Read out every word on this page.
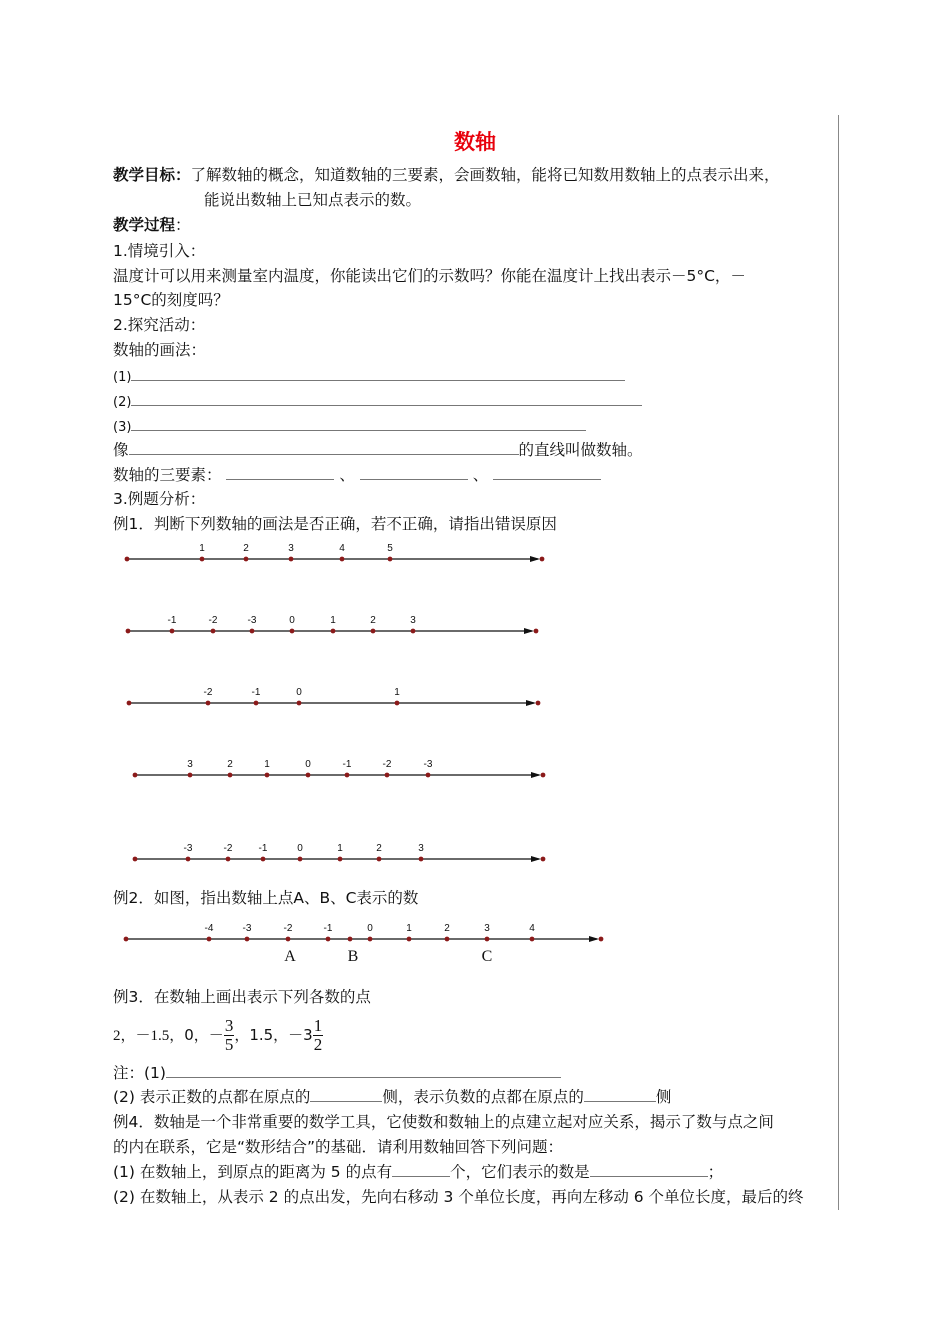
数轴
教学目标：了解数轴的概念，知道数轴的三要素，会画数轴，能将已知数用数轴上的点表示出来，
能说出数轴上已知点表示的数。
教学过程：
1.情境引入：
温度计可以用来测量室内温度，你能读出它们的示数吗？你能在温度计上找出表示－5°C，－
15°C的刻度吗？
2.探究活动：
数轴的画法：
(1)
(2)
(3)
像	的直线叫做数轴。
数轴的三要素：	、	、
3.例题分析：
例1．判断下列数轴的画法是否正确，若不正确，请指出错误原因
1	2	3	4	5
-1	-2	-3	0	1	2	3
-2	-1	0	1
3	2	1	0	-1	-2	-3
-3	-2	-1	0	1	2	3
-4	-3	-2	-1	0	1	2	3	4
A	B	C
例2．如图，指出数轴上点A、B、C表示的数
例3．在数轴上画出表示下列各数的点
2，－1.5，0，－ $\frac{3}{5}$ ，1.5，$-3 \frac{1}{2}$
注：(1)
(2) 表示正数的点都在原点的	侧，表示负数的点都在原点的	侧
例4．数轴是一个非常重要的数学工具，它使数和数轴上的点建立起对应关系，揭示了数与点之间
的内在联系，它是“数形结合”的基础．请利用数轴回答下列问题：
(1) 在数轴上，到原点的距离为 5 的点有	个，它们表示的数是	；
(2) 在数轴上，从表示 2 的点出发，先向右移动 3 个单位长度，再向左移动 6 个单位长度，最后的终
